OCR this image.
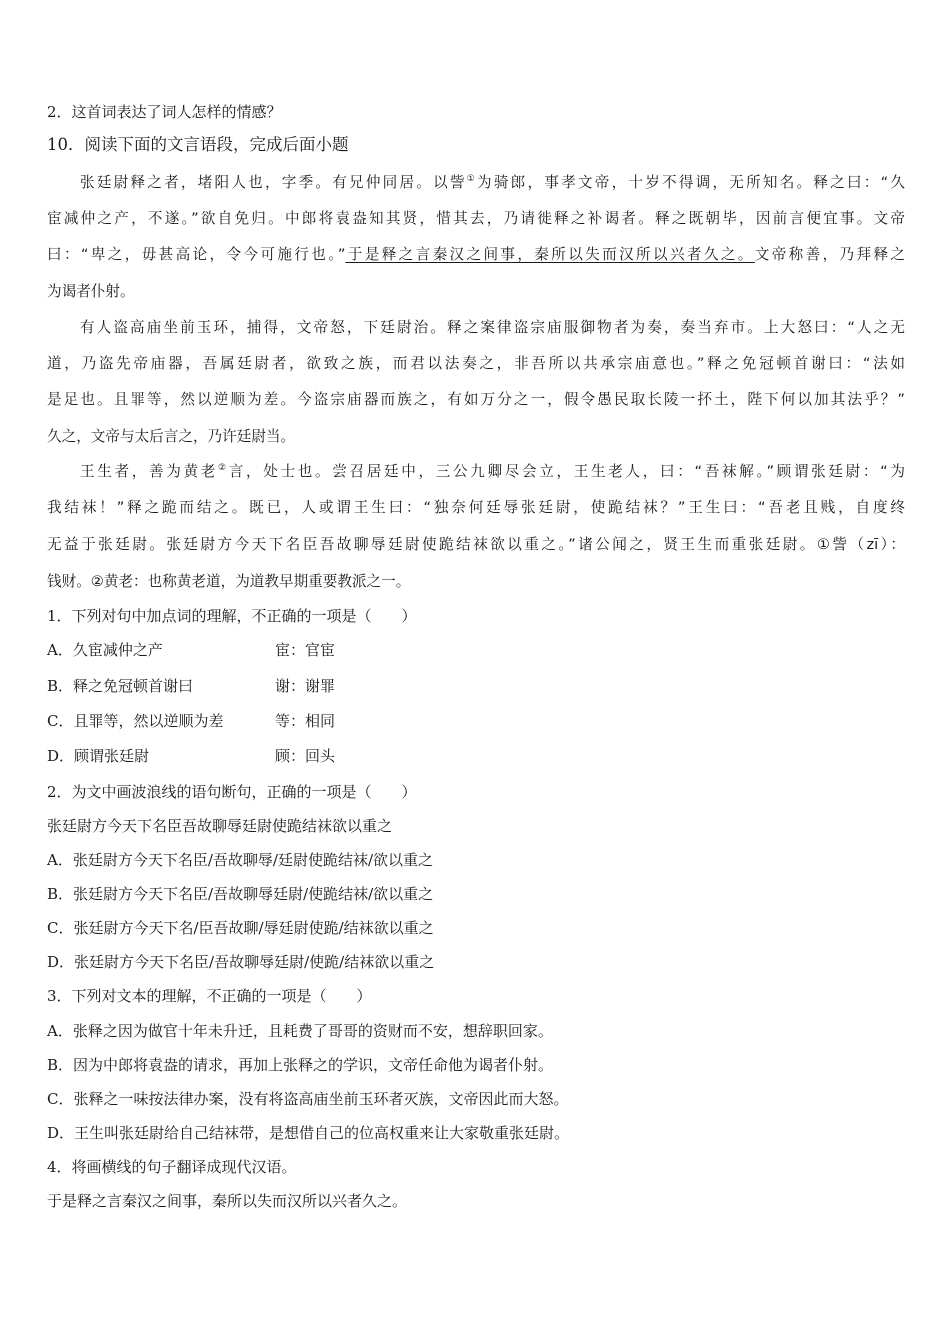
2．这首词表达了词人怎样的情感？
10．阅读下面的文言语段，完成后面小题
张廷尉释之者，堵阳人也，字季。有兄仲同居。以訾①为骑郎，事孝文帝，十岁不得调，无所知名。释之曰：“久
宦减仲之产，不遂。”欲自免归。中郎将袁盎知其贤，惜其去，乃请徙释之补谒者。释之既朝毕，因前言便宜事。文帝
曰：“卑之，毋甚高论，令今可施行也。”于是释之言秦汉之间事，秦所以失而汉所以兴者久之。文帝称善，乃拜释之
为谒者仆射。
有人盗高庙坐前玉环，捕得，文帝怒，下廷尉治。释之案律盗宗庙服御物者为奏，奏当弃市。上大怒曰：“人之无
道，乃盗先帝庙器，吾属廷尉者，欲致之族，而君以法奏之，非吾所以共承宗庙意也。”释之免冠顿首谢曰：“法如
是足也。且罪等，然以逆顺为差。今盗宗庙器而族之，有如万分之一，假令愚民取长陵一抔土，陛下何以加其法乎？”
久之，文帝与太后言之，乃许廷尉当。
王生者，善为黄老②言，处士也。尝召居廷中，三公九卿尽会立，王生老人，曰：“吾袜解。”顾谓张廷尉：“为
我结袜！”释之跪而结之。既已，人或谓王生曰：“独奈何廷辱张廷尉，使跪结袜？”王生曰：“吾老且贱，自度终
无益于张廷尉。张廷尉方今天下名臣吾故聊辱廷尉使跪结袜欲以重之。”诸公闻之，贤王生而重张廷尉。①訾（zī）：
钱财。②黄老：也称黄老道，为道教早期重要教派之一。
1．下列对句中加点词的理解，不正确的一项是（　　）
A．久宦减仲之产	宦：官宦
B．释之免冠顿首谢曰	谢：谢罪
C．且罪等，然以逆顺为差	等：相同
D．顾谓张廷尉	顾：回头
2．为文中画波浪线的语句断句，正确的一项是（　　）
张廷尉方今天下名臣吾故聊辱廷尉使跪结袜欲以重之
A．张廷尉方今天下名臣/吾故聊辱/廷尉使跪结袜/欲以重之
B．张廷尉方今天下名臣/吾故聊辱廷尉/使跪结袜/欲以重之
C．张廷尉方今天下名/臣吾故聊/辱廷尉使跪/结袜欲以重之
D．张廷尉方今天下名臣/吾故聊辱廷尉/使跪/结袜欲以重之
3．下列对文本的理解，不正确的一项是（　　）
A．张释之因为做官十年未升迁，且耗费了哥哥的资财而不安，想辞职回家。
B．因为中郎将袁盎的请求，再加上张释之的学识，文帝任命他为谒者仆射。
C．张释之一味按法律办案，没有将盗高庙坐前玉环者灭族，文帝因此而大怒。
D．王生叫张廷尉给自己结袜带，是想借自己的位高权重来让大家敬重张廷尉。
4．将画横线的句子翻译成现代汉语。
于是释之言秦汉之间事，秦所以失而汉所以兴者久之。
